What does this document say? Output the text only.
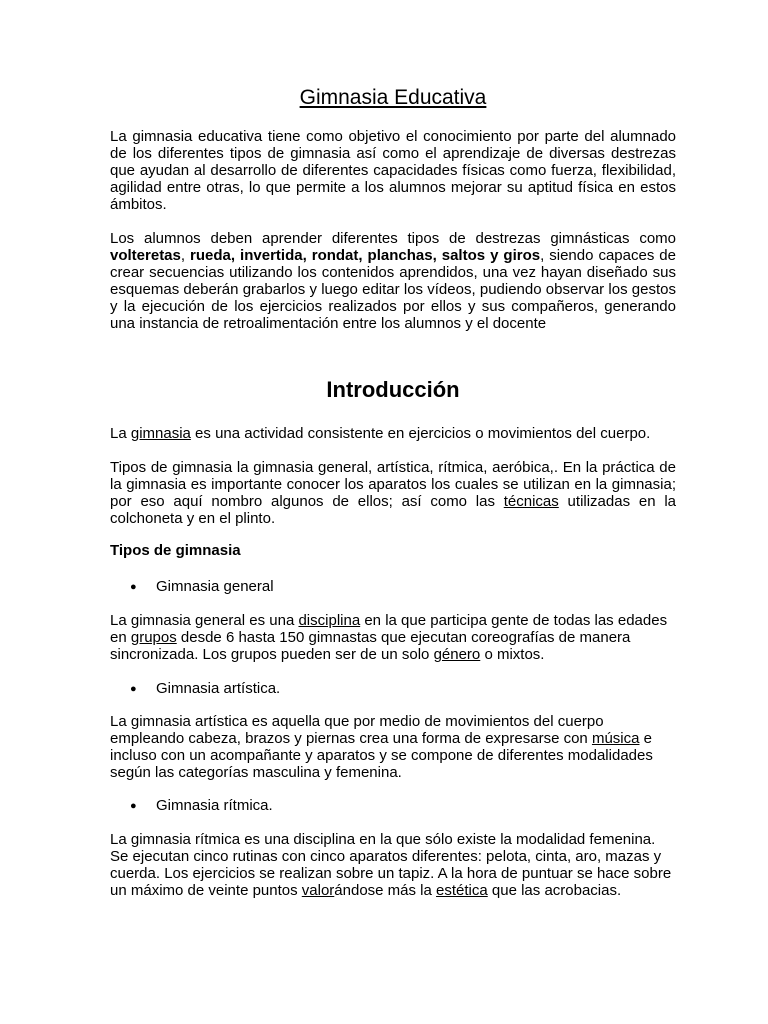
Gimnasia Educativa

La gimnasia educativa tiene como objetivo el conocimiento por parte del alumnado de los diferentes tipos de gimnasia así como el aprendizaje de diversas destrezas que ayudan al desarrollo de diferentes capacidades físicas como fuerza, flexibilidad, agilidad entre otras, lo que permite a los alumnos mejorar su aptitud física en estos ámbitos.

Los alumnos deben aprender diferentes tipos de destrezas gimnásticas como volteretas, rueda, invertida, rondat, planchas, saltos y giros, siendo capaces de crear secuencias utilizando los contenidos aprendidos, una vez hayan diseñado sus esquemas deberán grabarlos y luego editar los vídeos, pudiendo observar los gestos y la ejecución de los ejercicios realizados por ellos y sus compañeros, generando una instancia de retroalimentación entre los alumnos y el docente

Introducción

La gimnasia es una actividad consistente en ejercicios o movimientos del cuerpo.

Tipos de gimnasia la gimnasia general, artística, rítmica, aeróbica,. En la práctica de la gimnasia es importante conocer los aparatos los cuales se utilizan en la gimnasia; por eso aquí nombro algunos de ellos; así como las técnicas utilizadas en la colchoneta y en el plinto.

Tipos de gimnasia

● Gimnasia general

La gimnasia general es una disciplina en la que participa gente de todas las edades en grupos desde 6 hasta 150 gimnastas que ejecutan coreografías de manera sincronizada. Los grupos pueden ser de un solo género o mixtos.

● Gimnasia artística.

La gimnasia artística es aquella que por medio de movimientos del cuerpo empleando cabeza, brazos y piernas crea una forma de expresarse con música e incluso con un acompañante y aparatos y se compone de diferentes modalidades según las categorías masculina y femenina.

● Gimnasia rítmica.

La gimnasia rítmica es una disciplina en la que sólo existe la modalidad femenina. Se ejecutan cinco rutinas con cinco aparatos diferentes: pelota, cinta, aro, mazas y cuerda. Los ejercicios se realizan sobre un tapiz. A la hora de puntuar se hace sobre un máximo de veinte puntos valorándose más la estética que las acrobacias.
